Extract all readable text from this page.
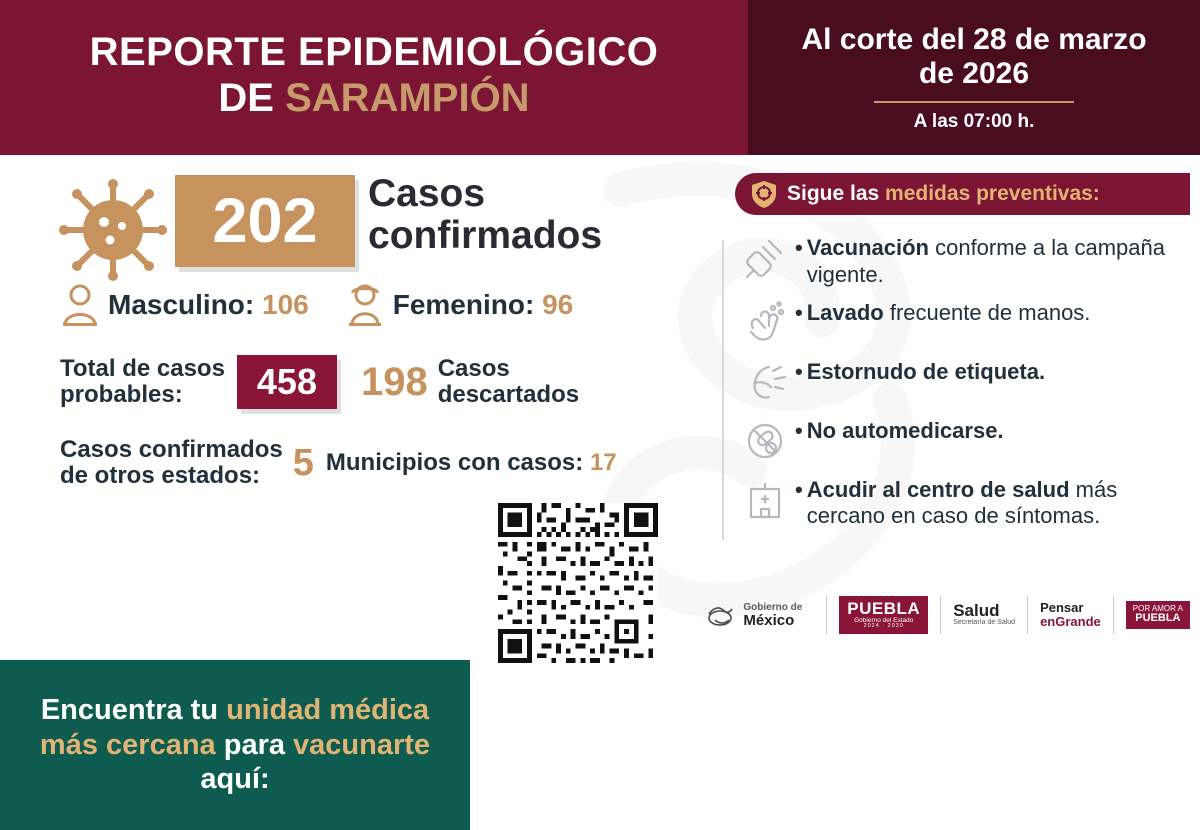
REPORTE EPIDEMIOLÓGICO
DE SARAMPIÓN
Al corte del 28 de marzo de 2026
A las 07:00 h.
202 Casos
confirmados
Masculino: 106	Femenino: 96
Total de casos
probables:	458 198 Casos
descartados
Casos confirmados
de otros estados: 5 Municipios con casos: 17
Encuentra tu unidad médica más cercana para vacunarte aquí:
Sigue las medidas preventivas:
• Vacunación conforme a la campaña vigente.
• Lavado frecuente de manos.
• Estornudo de etiqueta.
• No automedicarse.
• Acudir al centro de salud más cercano en caso de síntomas.
Gobierno de
México
PUEBLA
Gobierno del Estado
2024 · 2030
Salud
Secretaría de Salud
Pensar
enGrande
POR AMOR A
PUEBLA
